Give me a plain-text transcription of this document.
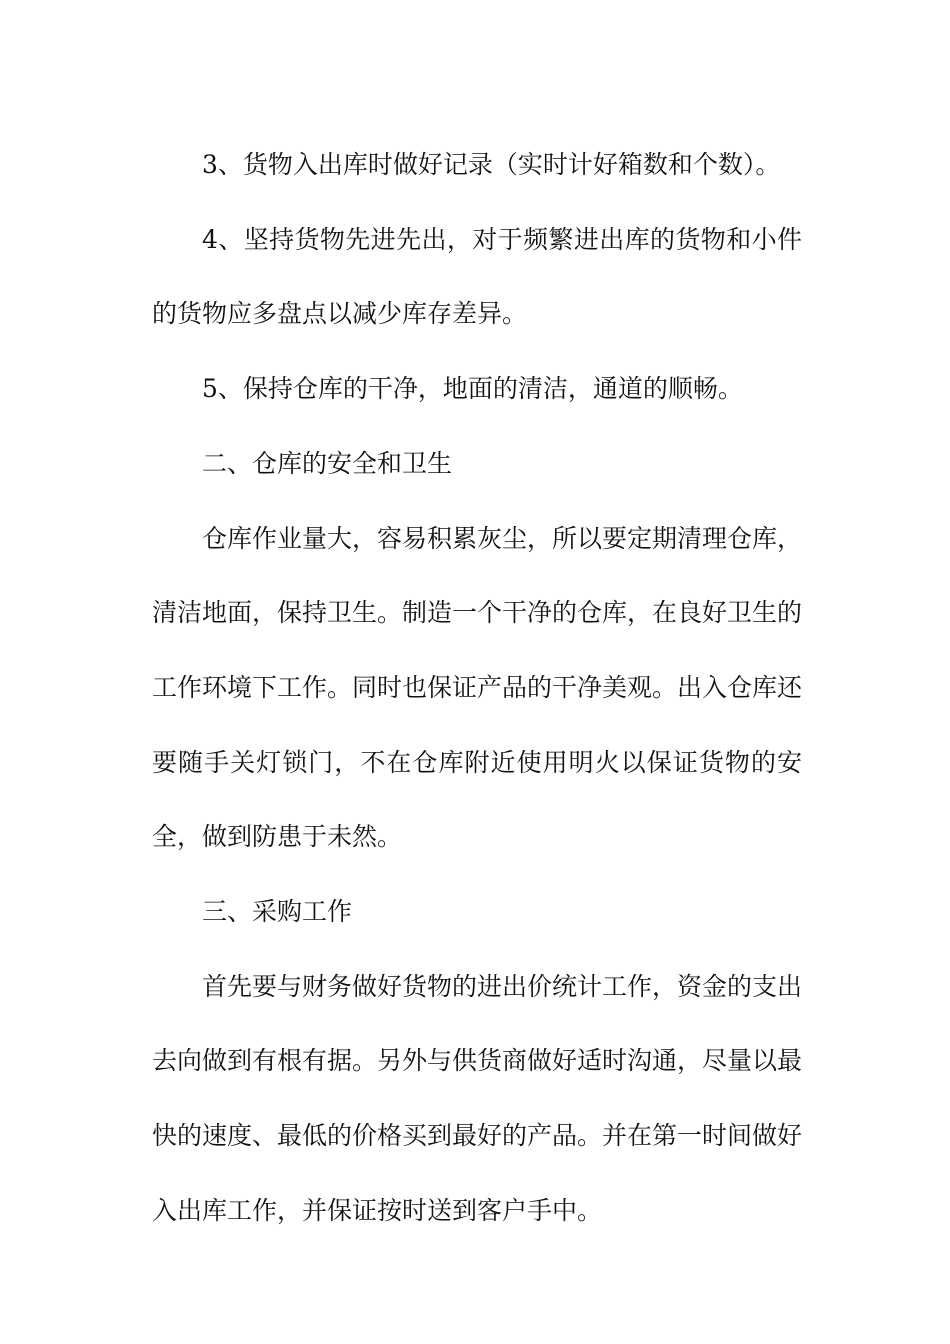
3、货物入出库时做好记录（实时计好箱数和个数）。

4、坚持货物先进先出，对于频繁进出库的货物和小件的货物应多盘点以减少库存差异。

5、保持仓库的干净，地面的清洁，通道的顺畅。

二、仓库的安全和卫生

仓库作业量大，容易积累灰尘，所以要定期清理仓库，清洁地面，保持卫生。制造一个干净的仓库，在良好卫生的工作环境下工作。同时也保证产品的干净美观。出入仓库还要随手关灯锁门，不在仓库附近使用明火以保证货物的安全，做到防患于未然。

三、采购工作

首先要与财务做好货物的进出价统计工作，资金的支出去向做到有根有据。另外与供货商做好适时沟通，尽量以最快的速度、最低的价格买到最好的产品。并在第一时间做好入出库工作，并保证按时送到客户手中。
